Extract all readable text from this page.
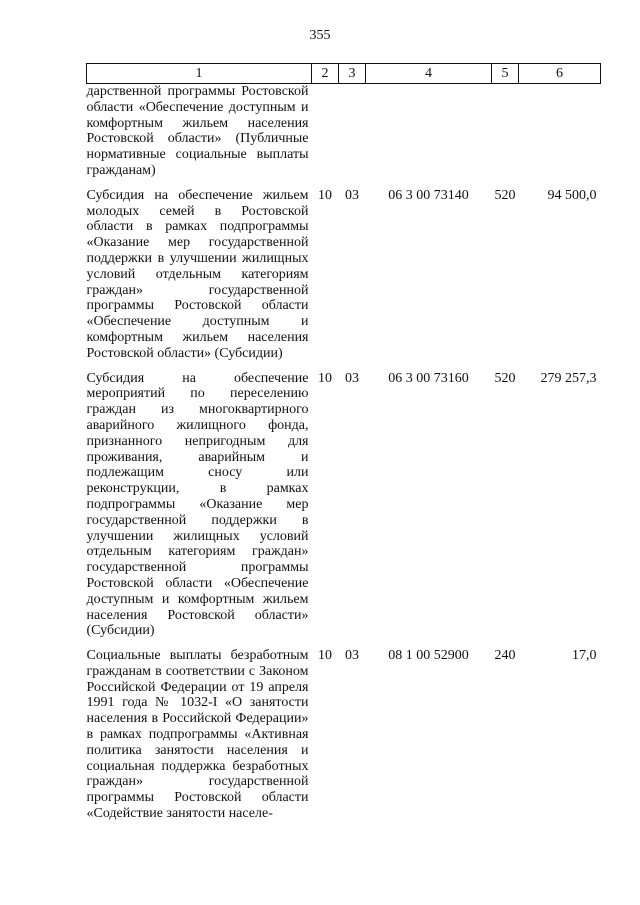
355
1	2	3	4	5	6
дарственной программы Ростовской области «Обеспечение доступным и комфортным жильем населения Ростовской области» (Публичные нормативные социальные выплаты гражданам)					

Субсидия на обеспечение жильем молодых семей в Ростовской области в рамках подпрограммы «Оказание мер государственной поддержки в улучшении жилищных условий отдельным категориям граждан» государственной программы Ростовской области «Обеспечение доступным и комфортным жильем населения Ростовской области» (Субсидии)	10	03	06 3 00 73140	520	94 500,0

Субсидия на обеспечение мероприятий по переселению граждан из многоквартирного аварийного жилищного фонда, признанного непригодным для проживания, аварийным и подлежащим сносу или реконструкции, в рамках подпрограммы «Оказание мер государственной поддержки в улучшении жилищных условий отдельным категориям граждан» государственной программы Ростовской области «Обеспечение доступным и комфортным жильем населения Ростовской области» (Субсидии)	10	03	06 3 00 73160	520	279 257,3

Социальные выплаты безработным гражданам в соответствии с Законом Российской Федерации от 19 апреля 1991 года № 1032-I «О занятости населения в Российской Федерации» в рамках подпрограммы «Активная политика занятости населения и социальная поддержка безработных граждан» государственной программы Ростовской области «Содействие занятости населе-	10	03	08 1 00 52900	240	17,0
